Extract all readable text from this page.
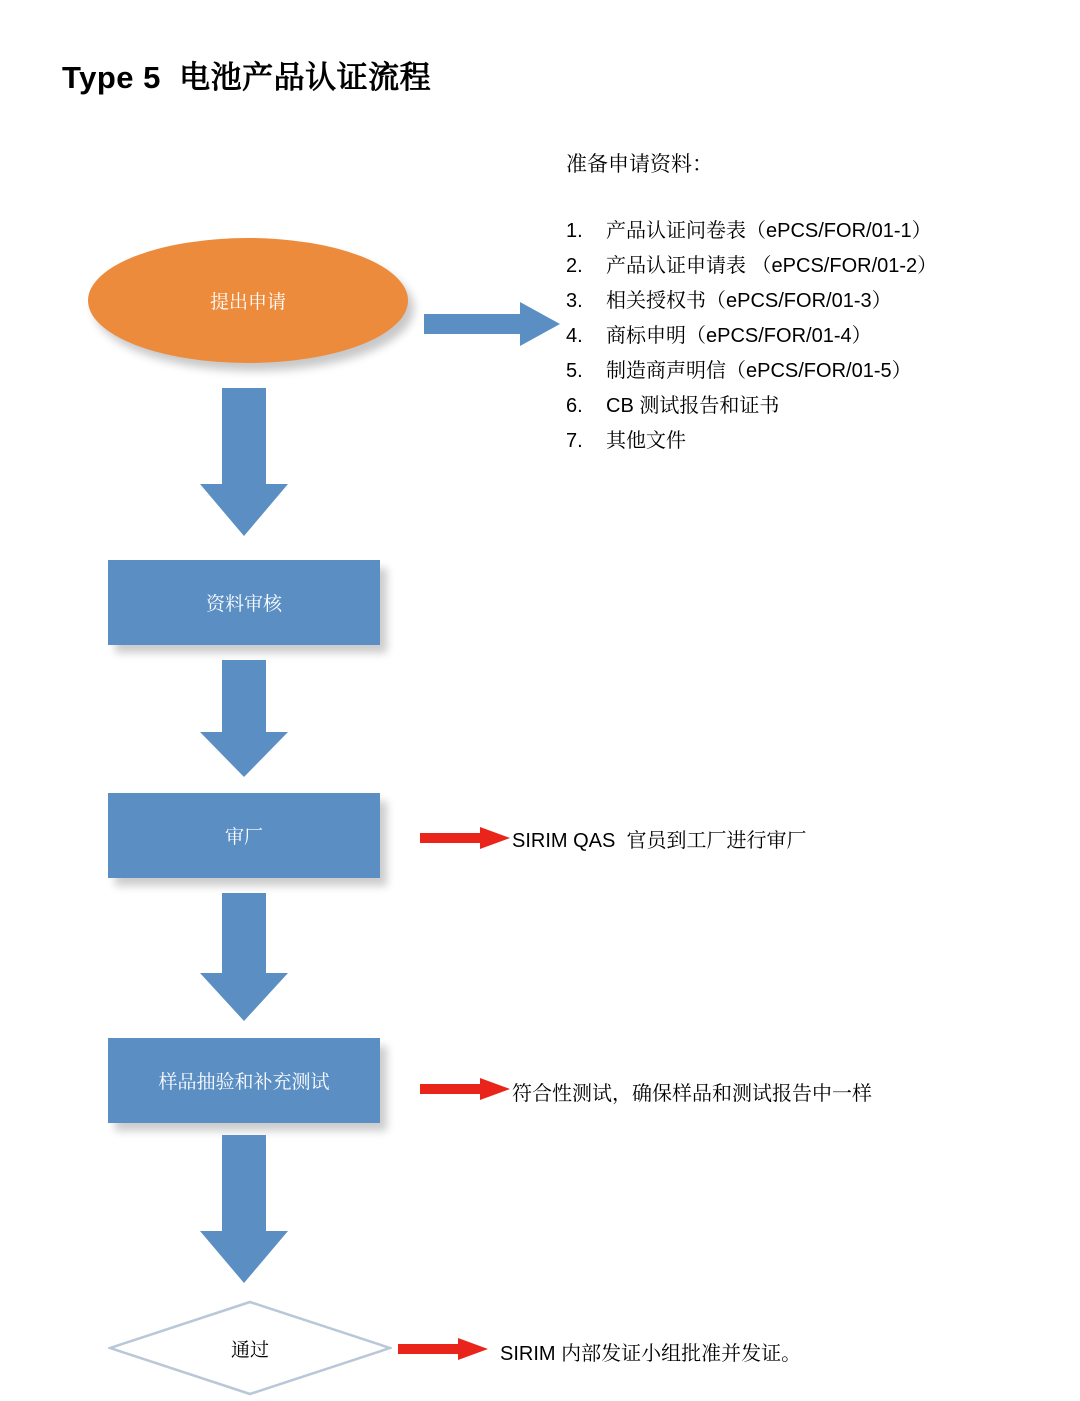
Type 5  电池产品认证流程
准备申请资料：
1.	产品认证问卷表（ePCS/FOR/01-1）
2.	产品认证申请表 （ePCS/FOR/01-2）
3.	相关授权书（ePCS/FOR/01-3）
4.	商标申明（ePCS/FOR/01-4）
5.	制造商声明信（ePCS/FOR/01-5）
6.	CB 测试报告和证书
7.	其他文件
提出申请
资料审核
审厂
样品抽验和补充测试
通过
SIRIM QAS  官员到工厂进行审厂
符合性测试，确保样品和测试报告中一样
SIRIM 内部发证小组批准并发证。
